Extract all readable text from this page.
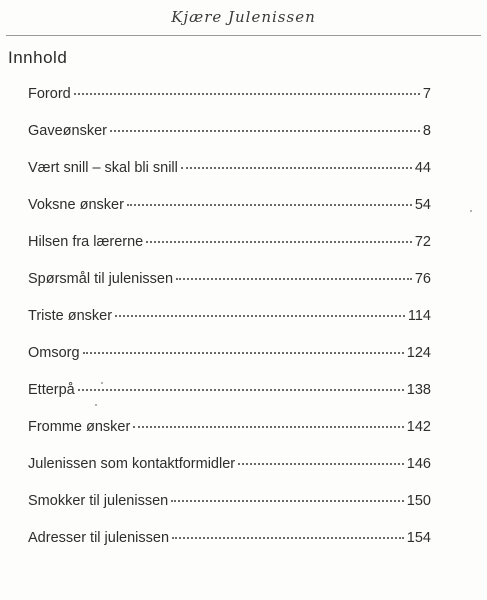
Kjære Julenissen
Innhold
Forord	7
Gaveønsker	8
Vært snill – skal bli snill	44
Voksne ønsker	54
Hilsen fra lærerne	72
Spørsmål til julenissen	76
Triste ønsker	114
Omsorg	124
Etterpå	138
Fromme ønsker	142
Julenissen som kontaktformidler	146
Smokker til julenissen	150
Adresser til julenissen	154
